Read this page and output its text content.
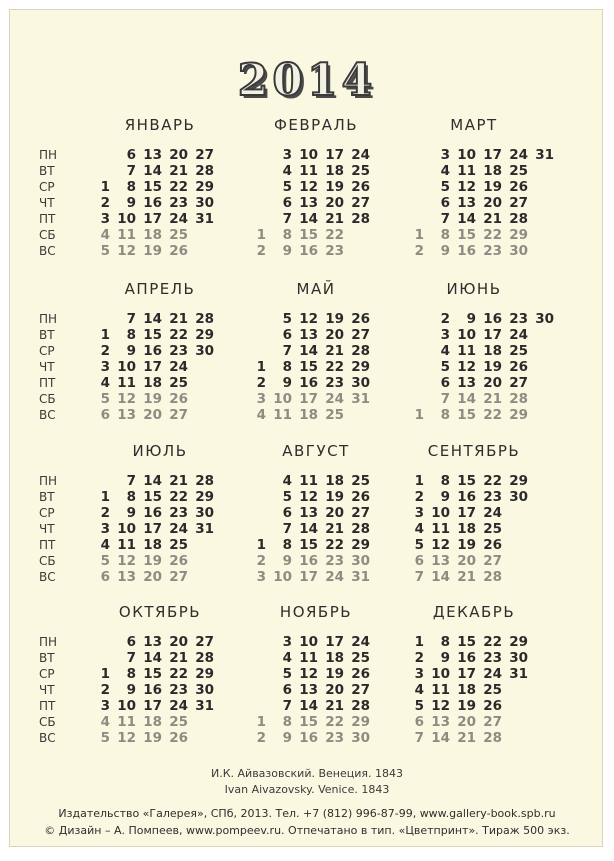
2014
И.К. Айвазовский. Венеция. 1843
Ivan Aivazovsky. Venice. 1843
Издательство «Галерея», СПб, 2013. Тел. +7 (812) 996-87-99, www.gallery-book.spb.ru
© Дизайн – А. Помпеев, www.pompeev.ru. Отпечатано в тип. «Цветпринт». Тираж 500 экз.
ПН
ВТ
СР
ЧТ
ПТ
СБ
ВС
ЯНВАРЬ
1
2
3
4
5
6
7
8
9
10
11
12
13
14
15
16
17
18
19
20
21
22
23
24
25
26
27
28
29
30
31
ФЕВРАЛЬ
1
2
3
4
5
6
7
8
9
10
11
12
13
14
15
16
17
18
19
20
21
22
23
24
25
26
27
28
МАРТ
1
2
3
4
5
6
7
8
9
10
11
12
13
14
15
16
17
18
19
20
21
22
23
24
25
26
27
28
29
30
31
ПН
ВТ
СР
ЧТ
ПТ
СБ
ВС
АПРЕЛЬ
1
2
3
4
5
6
7
8
9
10
11
12
13
14
15
16
17
18
19
20
21
22
23
24
25
26
27
28
29
30
МАЙ
1
2
3
4
5
6
7
8
9
10
11
12
13
14
15
16
17
18
19
20
21
22
23
24
25
26
27
28
29
30
31
ИЮНЬ
1
2
3
4
5
6
7
8
9
10
11
12
13
14
15
16
17
18
19
20
21
22
23
24
25
26
27
28
29
30
ПН
ВТ
СР
ЧТ
ПТ
СБ
ВС
ИЮЛЬ
1
2
3
4
5
6
7
8
9
10
11
12
13
14
15
16
17
18
19
20
21
22
23
24
25
26
27
28
29
30
31
АВГУСТ
1
2
3
4
5
6
7
8
9
10
11
12
13
14
15
16
17
18
19
20
21
22
23
24
25
26
27
28
29
30
31
СЕНТЯБРЬ
1
2
3
4
5
6
7
8
9
10
11
12
13
14
15
16
17
18
19
20
21
22
23
24
25
26
27
28
29
30
ПН
ВТ
СР
ЧТ
ПТ
СБ
ВС
ОКТЯБРЬ
1
2
3
4
5
6
7
8
9
10
11
12
13
14
15
16
17
18
19
20
21
22
23
24
25
26
27
28
29
30
31
НОЯБРЬ
1
2
3
4
5
6
7
8
9
10
11
12
13
14
15
16
17
18
19
20
21
22
23
24
25
26
27
28
29
30
ДЕКАБРЬ
1
2
3
4
5
6
7
8
9
10
11
12
13
14
15
16
17
18
19
20
21
22
23
24
25
26
27
28
29
30
31
